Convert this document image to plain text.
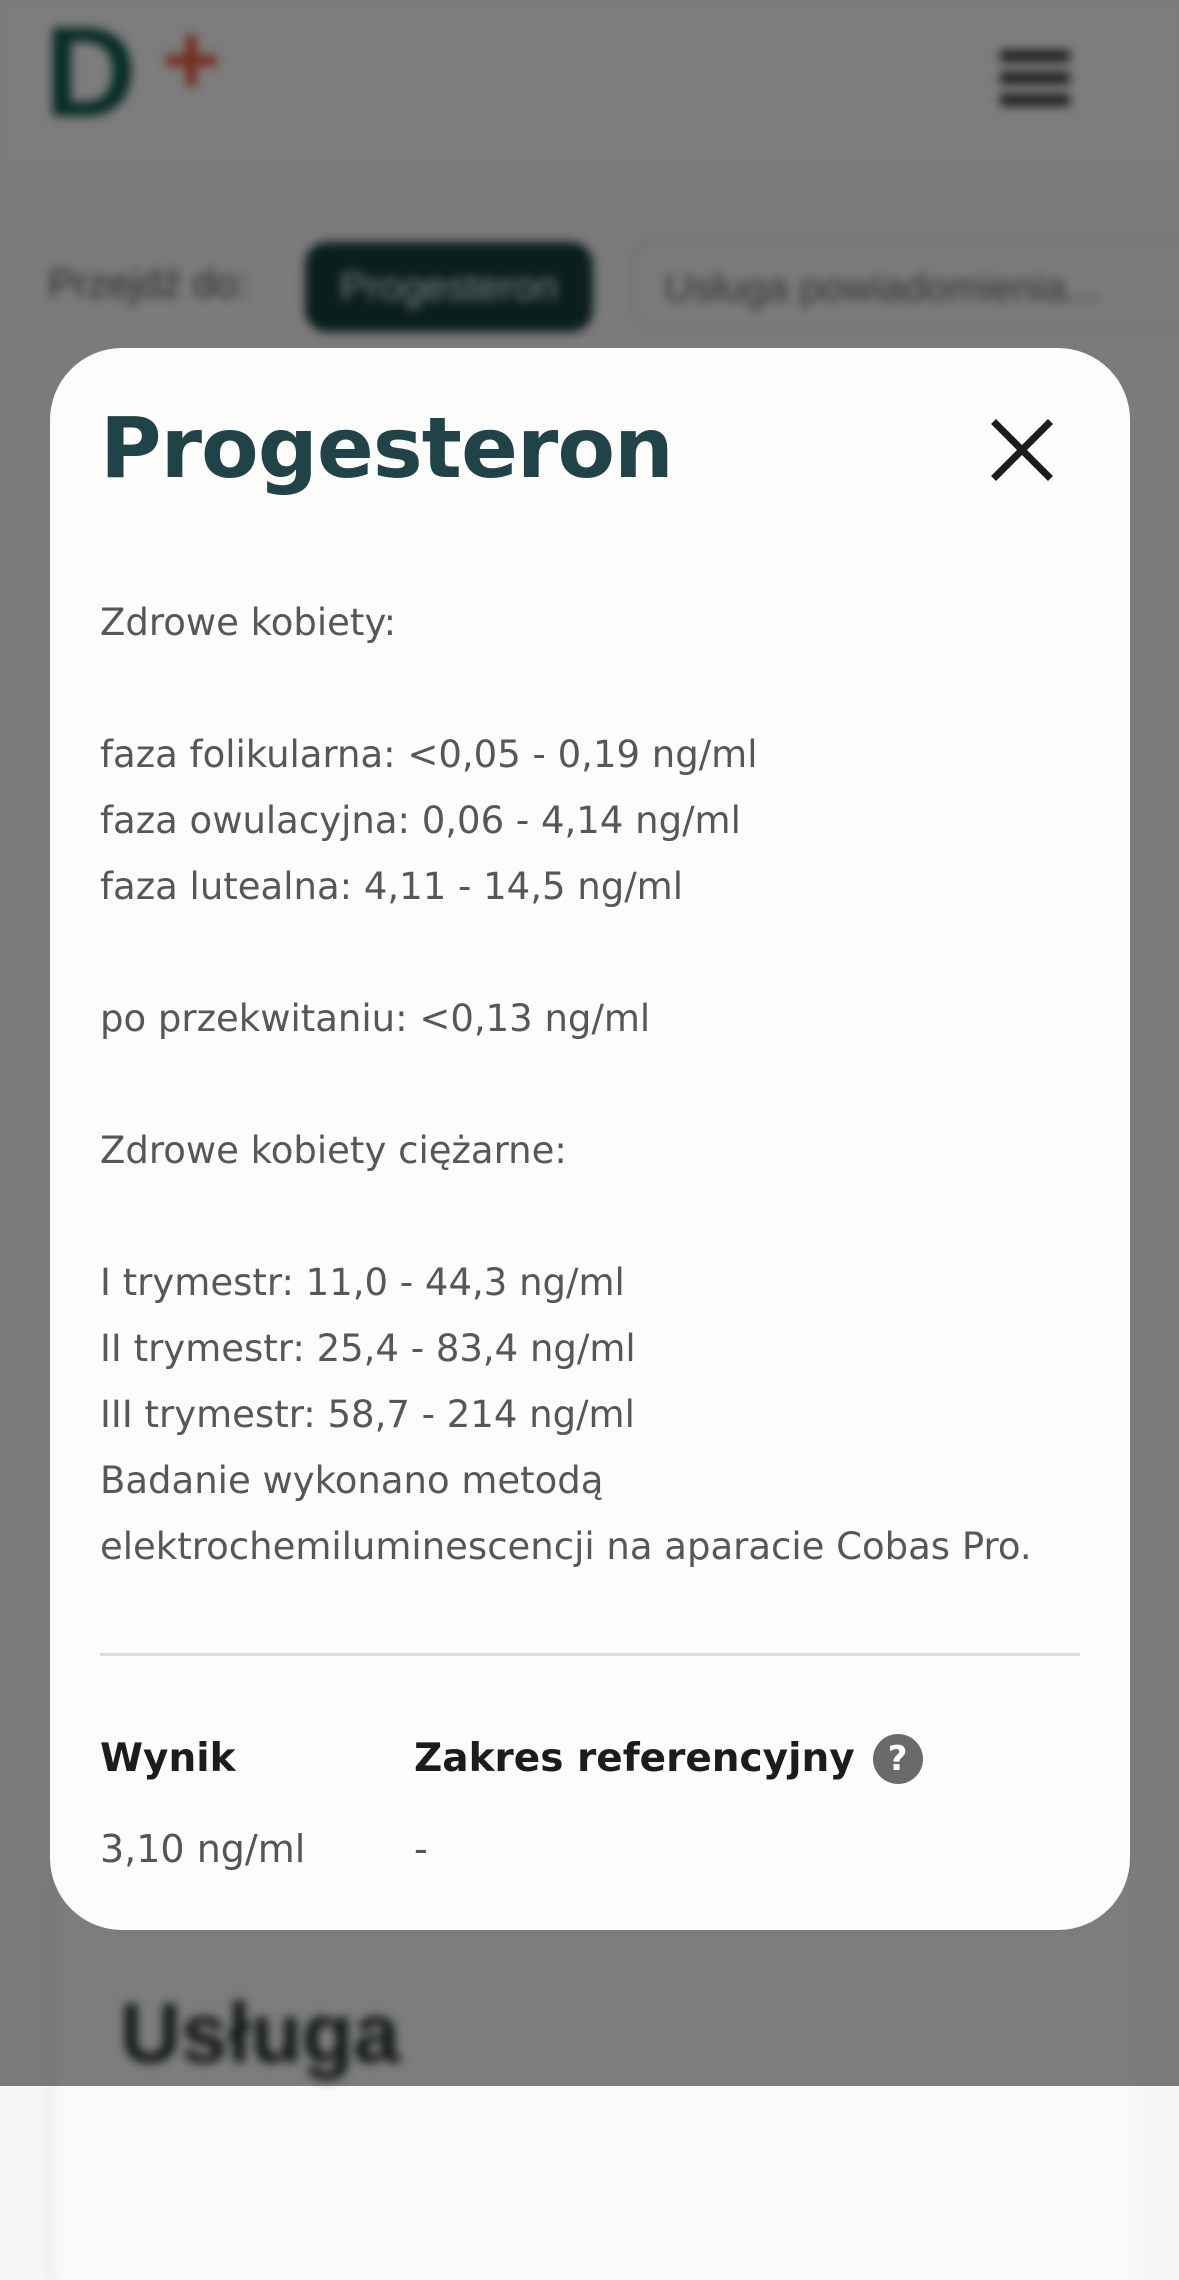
Progesteron
Zdrowe kobiety:
faza folikularna: <0,05 - 0,19 ng/ml
faza owulacyjna: 0,06 - 4,14 ng/ml
faza lutealna: 4,11 - 14,5 ng/ml
po przekwitaniu: <0,13 ng/ml
Zdrowe kobiety ciężarne:
I trymestr: 11,0 - 44,3 ng/ml
II trymestr: 25,4 - 83,4 ng/ml
III trymestr: 58,7 - 214 ng/ml
Badanie wykonano metodą
elektrochemiluminescencji na aparacie Cobas Pro.
Wynik	Zakres referencyjny ?
3,10 ng/ml	-
